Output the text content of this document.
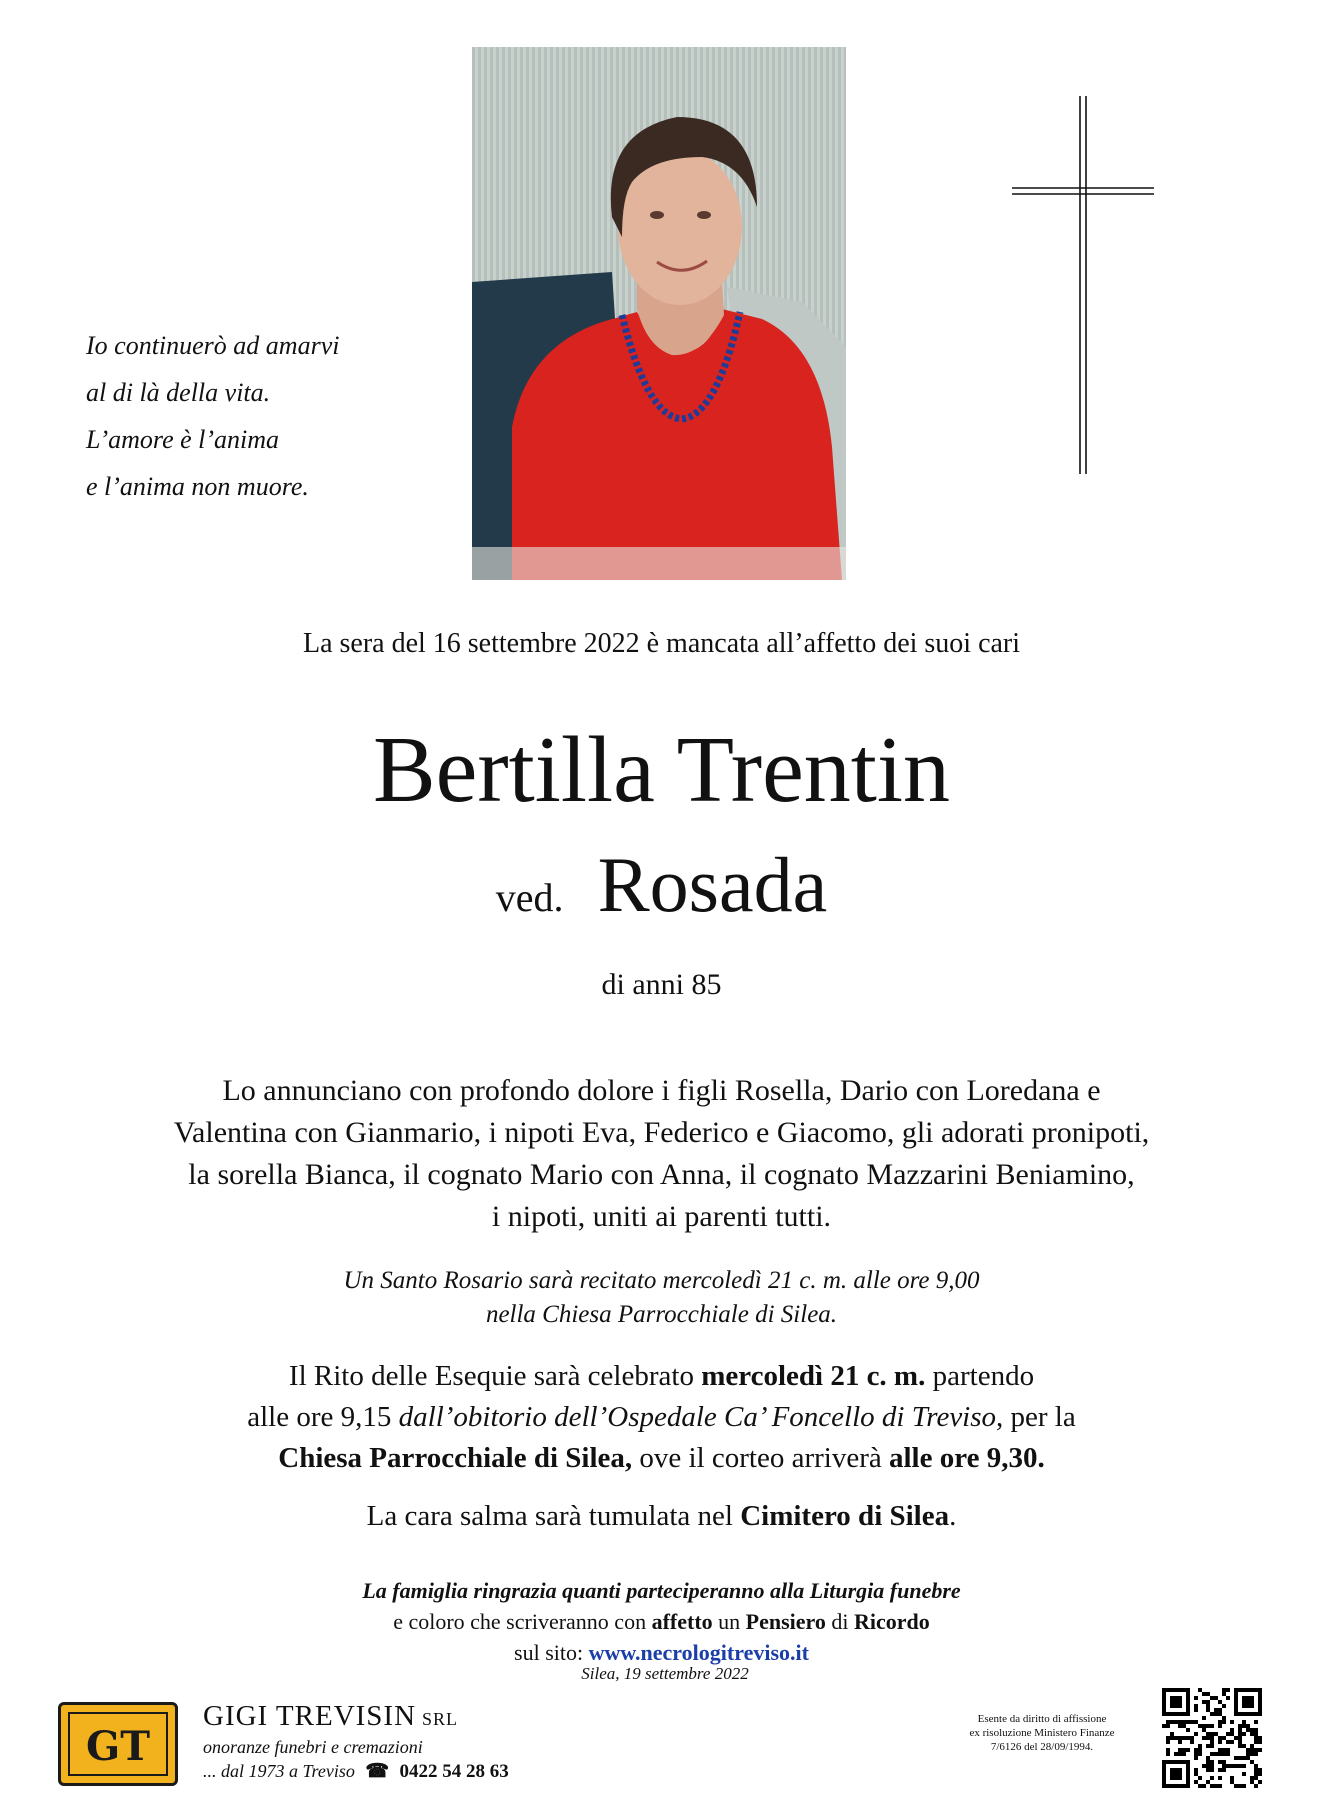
Io continuerò ad amarvi
al di là della vita.
L’amore è l’anima
e l’anima non muore.
La sera del 16 settembre 2022 è mancata all’affetto dei suoi cari
Bertilla Trentin
ved. Rosada
di anni 85
Lo annunciano con profondo dolore i figli Rosella, Dario con Loredana e
Valentina con Gianmario, i nipoti Eva, Federico e Giacomo, gli adorati pronipoti,
la sorella Bianca, il cognato Mario con Anna, il cognato Mazzarini Beniamino,
i nipoti, uniti ai parenti tutti.
Un Santo Rosario sarà recitato mercoledì 21 c. m. alle ore 9,00
nella Chiesa Parrocchiale di Silea.
Il Rito delle Esequie sarà celebrato mercoledì 21 c. m. partendo
alle ore 9,15 dall’obitorio dell’Ospedale Ca’ Foncello di Treviso, per la
Chiesa Parrocchiale di Silea, ove il corteo arriverà alle ore 9,30.
La cara salma sarà tumulata nel Cimitero di Silea.
La famiglia ringrazia quanti parteciperanno alla Liturgia funebre
e coloro che scriveranno con affetto un Pensiero di Ricordo
sul sito: www.necrologitreviso.it
Silea, 19 settembre 2022
GT
GIGI TREVISIN SRL
onoranze funebri e cremazioni
... dal 1973 a Treviso ☎ 0422 54 28 63
Esente da diritto di affissione
ex risoluzione Ministero Finanze
7/6126 del 28/09/1994.
